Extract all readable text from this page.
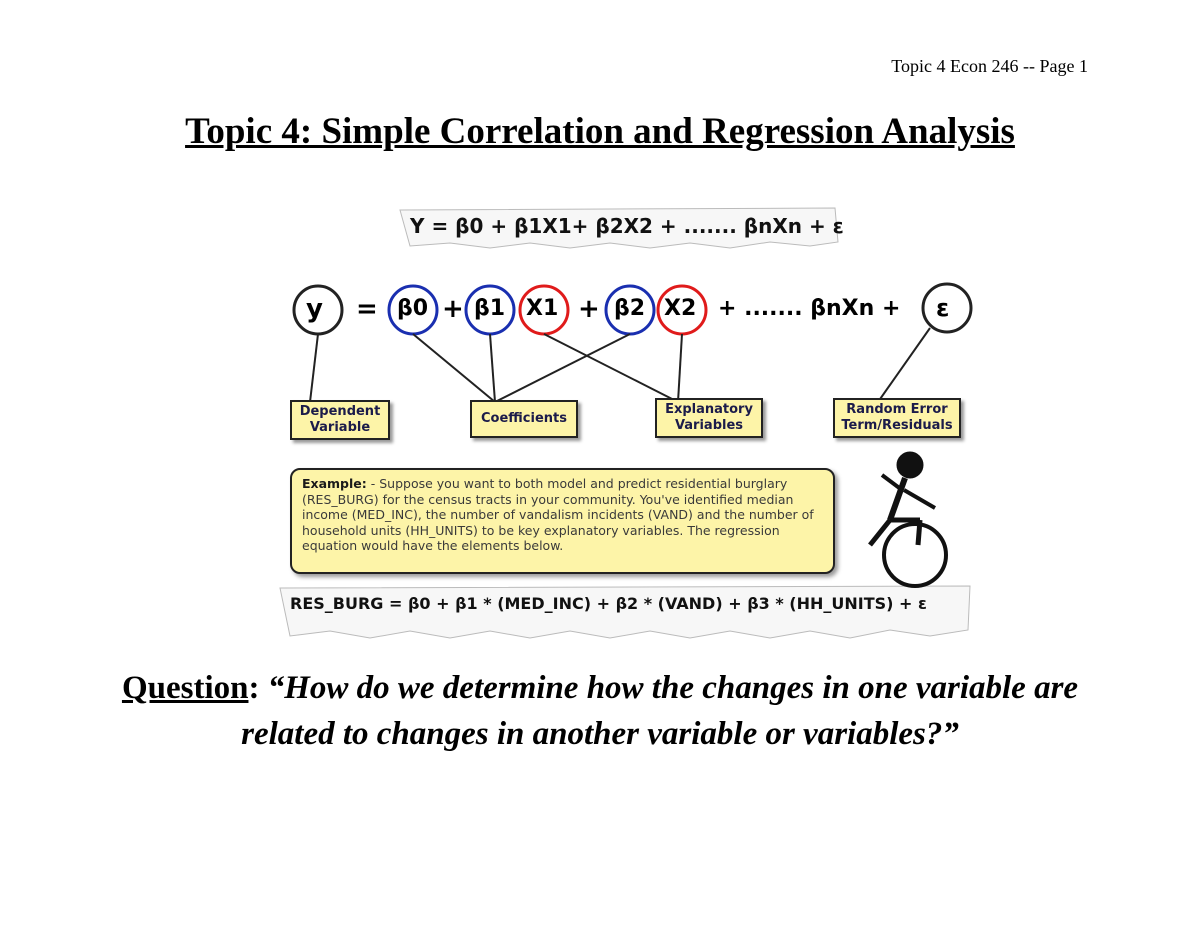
Topic 4 Econ 246 -- Page 1
Topic 4: Simple Correlation and Regression Analysis
Y = β0 + β1X1+ β2X2 + ....... βnXn + ε
y = β0 + β1 X1 + β2 X2 + ....... βnXn + ε
Dependent
Variable
Coefficients
Explanatory
Variables
Random Error
Term/Residuals
Example: - Suppose you want to both model and predict residential burglary (RES_BURG) for the census tracts in your community. You've identified median income (MED_INC), the number of vandalism incidents (VAND) and the number of household units (HH_UNITS) to be key explanatory variables. The regression equation would have the elements below.
RES_BURG = β0 + β1 * (MED_INC) + β2 * (VAND) + β3 * (HH_UNITS) + ε
Question: “How do we determine how the changes in one variable are related to changes in another variable or variables?”
